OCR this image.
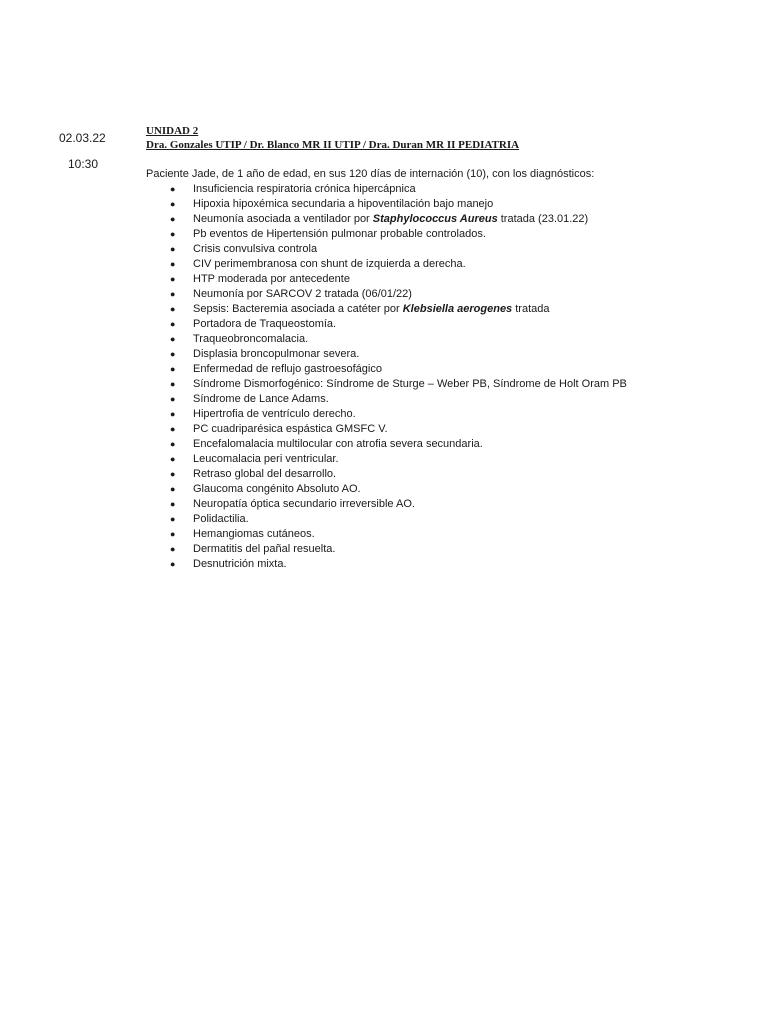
02.03.22
10:30

UNIDAD 2

Dra. Gonzales UTIP / Dr. Blanco MR II UTIP / Dra. Duran MR II PEDIATRIA

Paciente Jade, de 1 año de edad, en sus 120 días de internación (10), con los diagnósticos:

● Insuficiencia respiratoria crónica hipercápnica
● Hipoxia hipoxémica secundaria a hipoventilación bajo manejo
● Neumonía asociada a ventilador por Staphylococcus Aureus tratada (23.01.22)
● Pb eventos de Hipertensión pulmonar probable controlados.
● Crisis convulsiva controla
● CIV perimembranosa con shunt de izquierda a derecha.
● HTP moderada por antecedente
● Neumonía por SARCOV 2 tratada (06/01/22)
● Sepsis: Bacteremia asociada a catéter por Klebsiella aerogenes tratada
● Portadora de Traqueostomía.
● Traqueobroncomalacia.
● Displasia broncopulmonar severa.
● Enfermedad de reflujo gastroesofágico
● Síndrome Dismorfogénico: Síndrome de Sturge – Weber PB, Síndrome de Holt Oram PB
● Síndrome de Lance Adams.
● Hipertrofia de ventrículo derecho.
● PC cuadriparésica espástica GMSFC V.
● Encefalomalacia multilocular con atrofia severa secundaria.
● Leucomalacia peri ventricular.
● Retraso global del desarrollo.
● Glaucoma congénito Absoluto AO.
● Neuropatía óptica secundario irreversible AO.
● Polidactilia.
● Hemangiomas cutáneos.
● Dermatitis del pañal resuelta.
● Desnutrición mixta.
